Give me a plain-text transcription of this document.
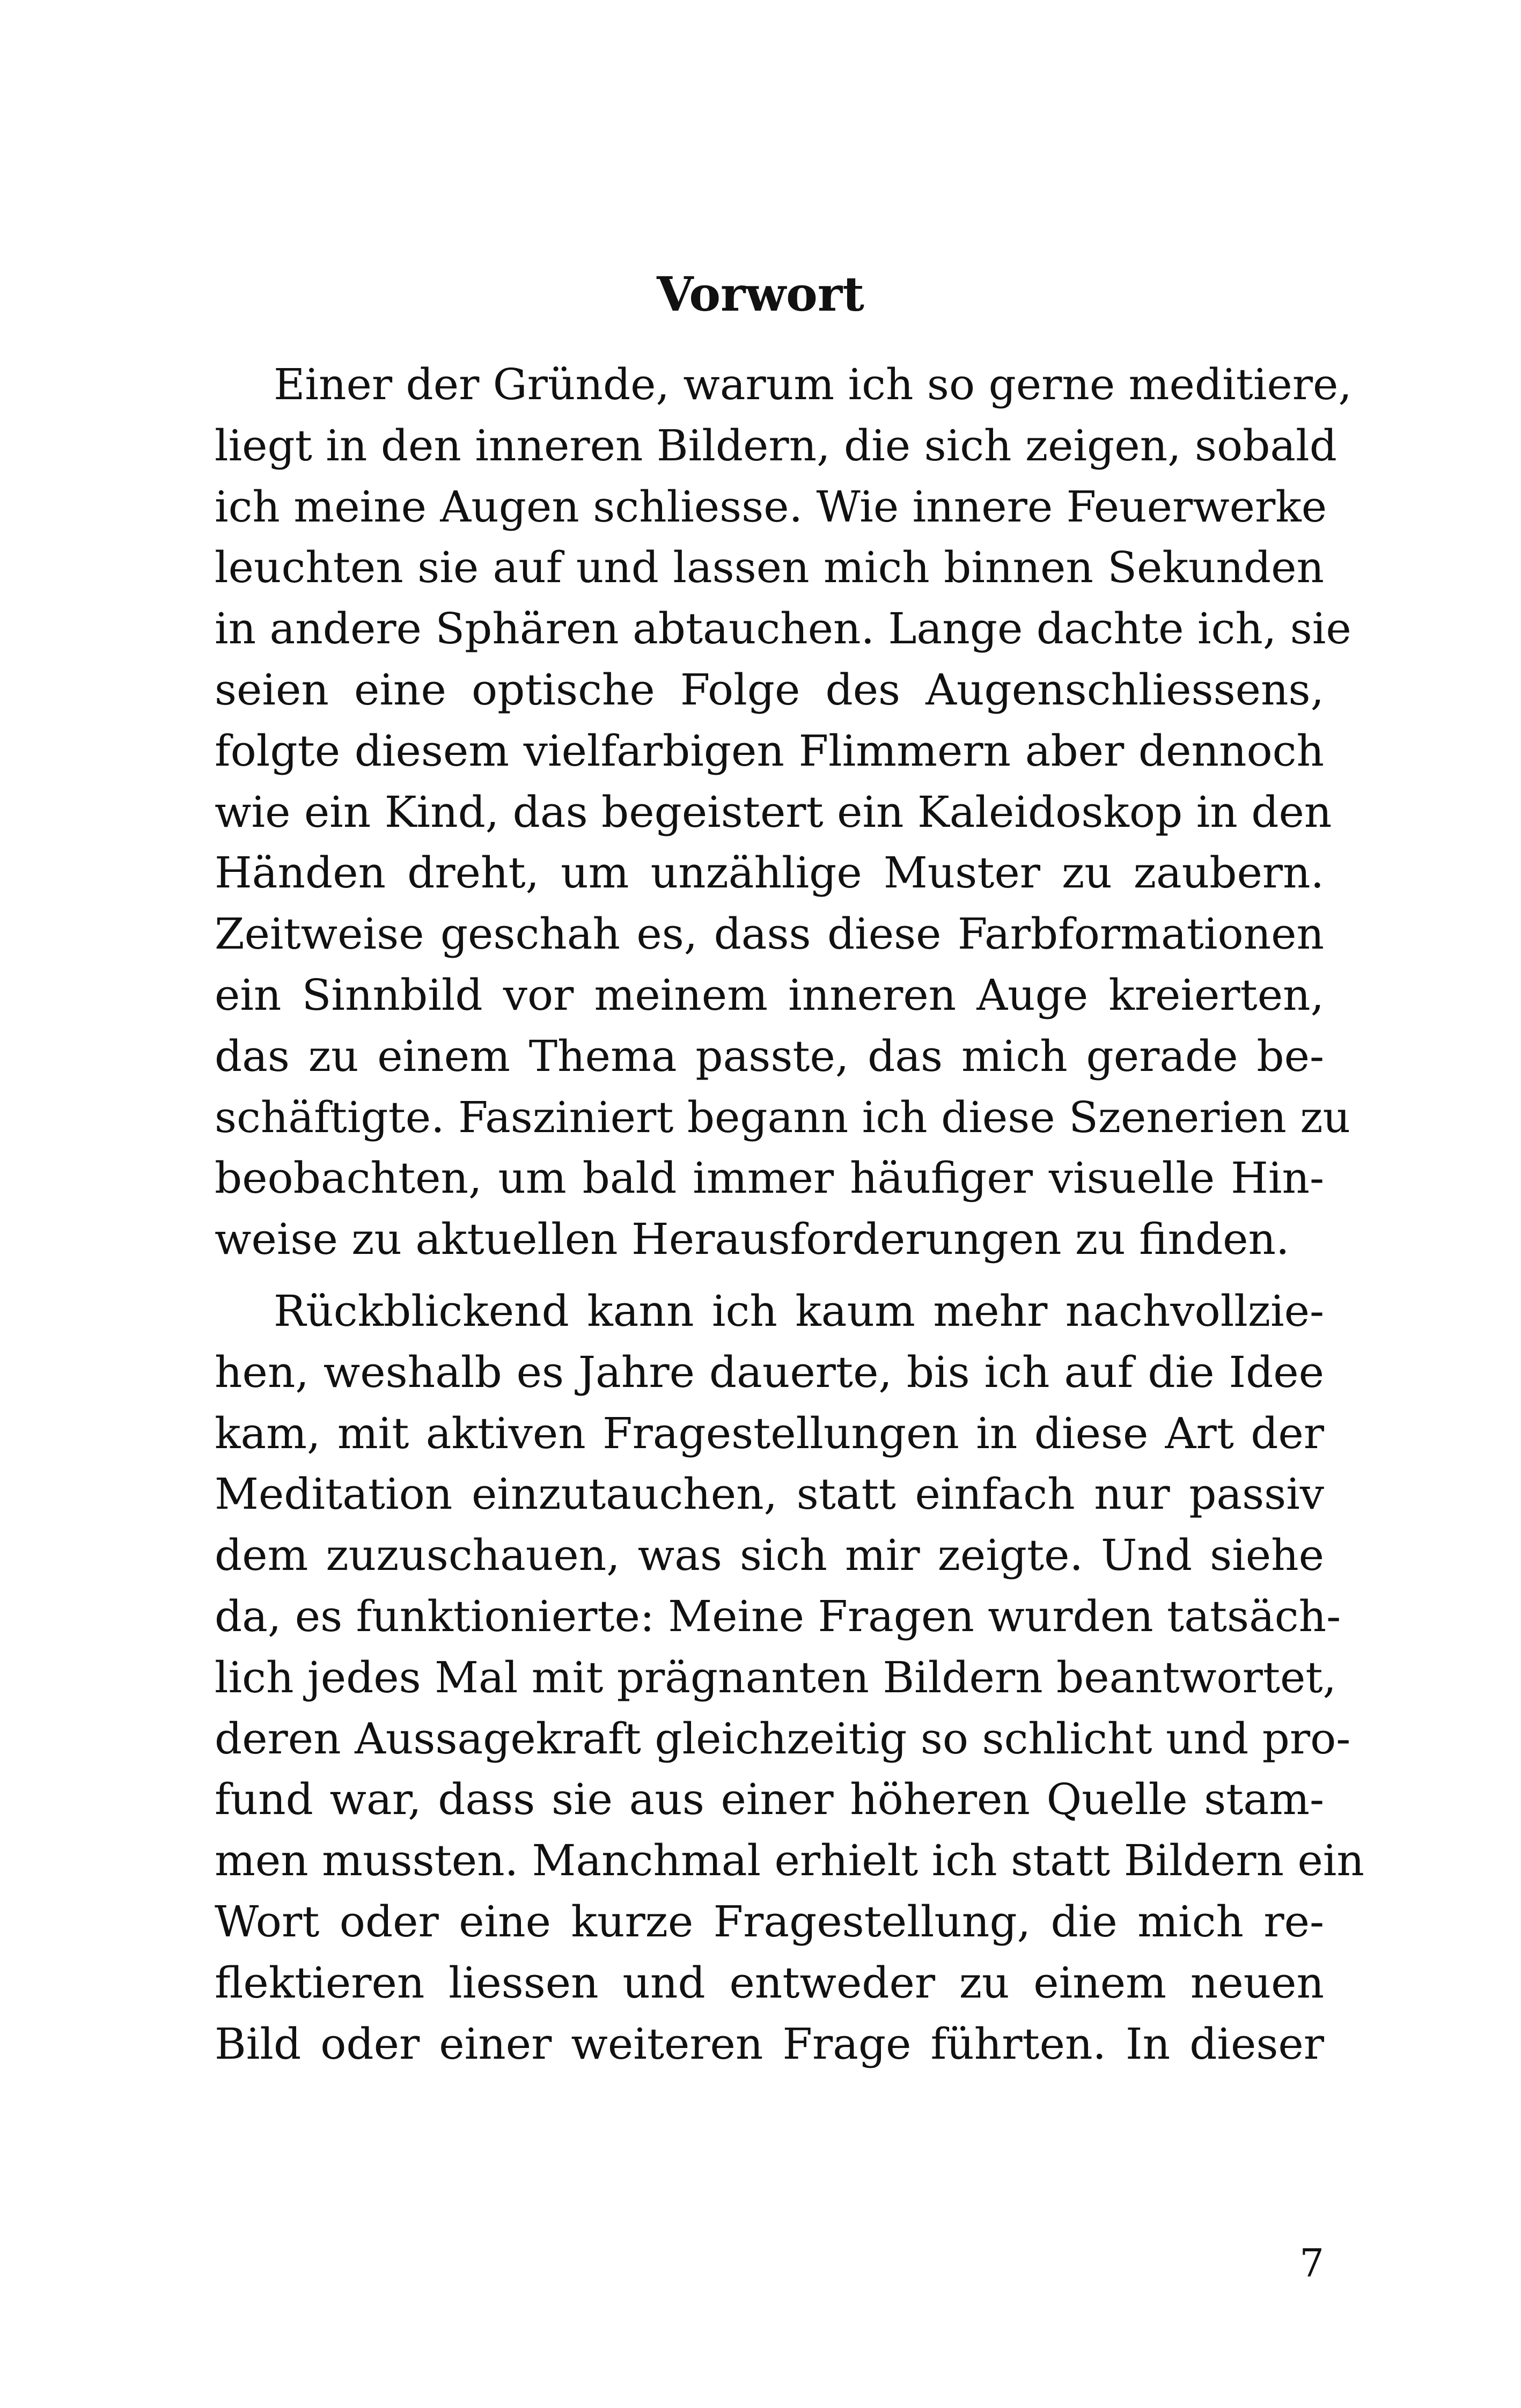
Vorwort
Einer der Gründe, warum ich so gerne meditiere,
liegt in den inneren Bildern, die sich zeigen, sobald
ich meine Augen schliesse. Wie innere Feuerwerke
leuchten sie auf und lassen mich binnen Sekunden
in andere Sphären abtauchen. Lange dachte ich, sie
seien eine optische Folge des Augenschliessens,
folgte diesem vielfarbigen Flimmern aber dennoch
wie ein Kind, das begeistert ein Kaleidoskop in den
Händen dreht, um unzählige Muster zu zaubern.
Zeitweise geschah es, dass diese Farbformationen
ein Sinnbild vor meinem inneren Auge kreierten,
das zu einem Thema passte, das mich gerade be-
schäftigte. Fasziniert begann ich diese Szenerien zu
beobachten, um bald immer häufiger visuelle Hin-
weise zu aktuellen Herausforderungen zu finden.
Rückblickend kann ich kaum mehr nachvollzie-
hen, weshalb es Jahre dauerte, bis ich auf die Idee
kam, mit aktiven Fragestellungen in diese Art der
Meditation einzutauchen, statt einfach nur passiv
dem zuzuschauen, was sich mir zeigte. Und siehe
da, es funktionierte: Meine Fragen wurden tatsäch-
lich jedes Mal mit prägnanten Bildern beantwortet,
deren Aussagekraft gleichzeitig so schlicht und pro-
fund war, dass sie aus einer höheren Quelle stam-
men mussten. Manchmal erhielt ich statt Bildern ein
Wort oder eine kurze Fragestellung, die mich re-
flektieren liessen und entweder zu einem neuen
Bild oder einer weiteren Frage führten. In dieser
7
